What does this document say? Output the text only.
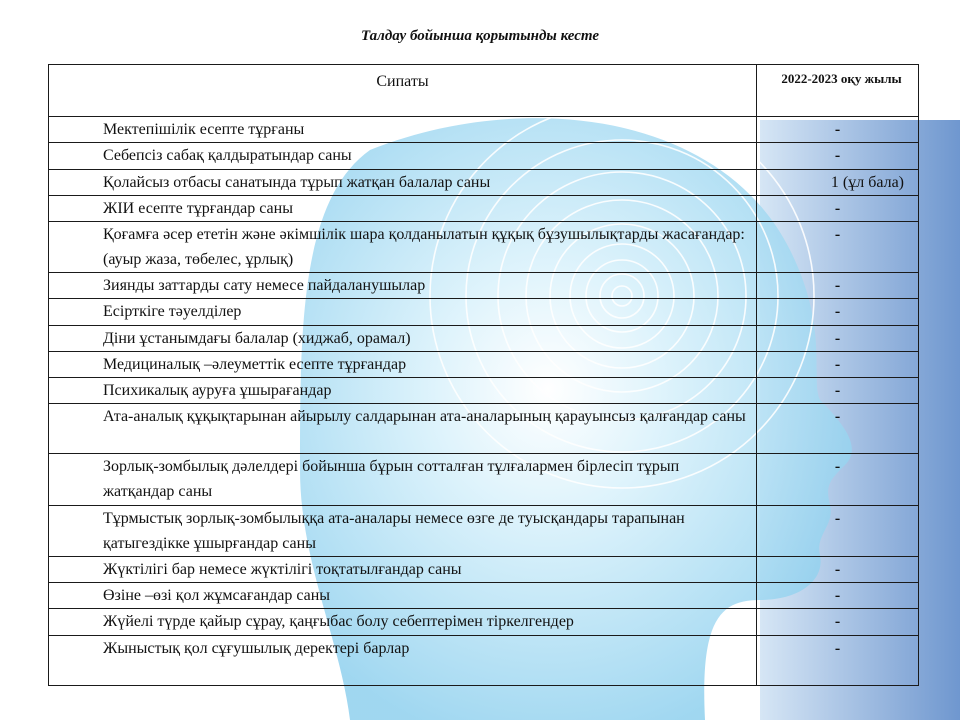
Талдау бойынша қорытынды кесте
Сипаты	2022-2023 оқу жылы
Мектепішілік есепте тұрғаны	-
Себепсіз сабақ қалдыратындар саны	-
Қолайсыз отбасы санатында тұрып жатқан балалар саны	1 (ұл бала)
ЖІИ есепте тұрғандар саны	-
Қоғамға әсер ететін және әкімшілік шара қолданылатын құқық бұзушылықтарды жасағандар: (ауыр жаза, төбелес, ұрлық)	-
Зиянды заттарды сату немесе пайдаланушылар	-
Есірткіге тәуелділер	-
Діни ұстанымдағы балалар (хиджаб, орамал)	-
Медициналық –әлеуметтік есепте тұрғандар	-
Психикалық ауруға ұшырағандар	-
Ата-аналық құқықтарынан айырылу салдарынан ата-аналарының қарауынсыз қалғандар саны	-
Зорлық-зомбылық дәлелдері бойынша бұрын сотталған тұлғалармен бірлесіп тұрып жатқандар саны	-
Тұрмыстық зорлық-зомбылыққа ата-аналары немесе өзге де туысқандары тарапынан қатыгездікке ұшырғандар саны	-
Жүктілігі бар немесе жүктілігі тоқтатылғандар саны	-
Өзіне –өзі қол жұмсағандар саны	-
Жүйелі түрде қайыр сұрау, қаңғыбас болу себептерімен тіркелгендер	-
Жыныстық қол сұғушылық деректері барлар	-
